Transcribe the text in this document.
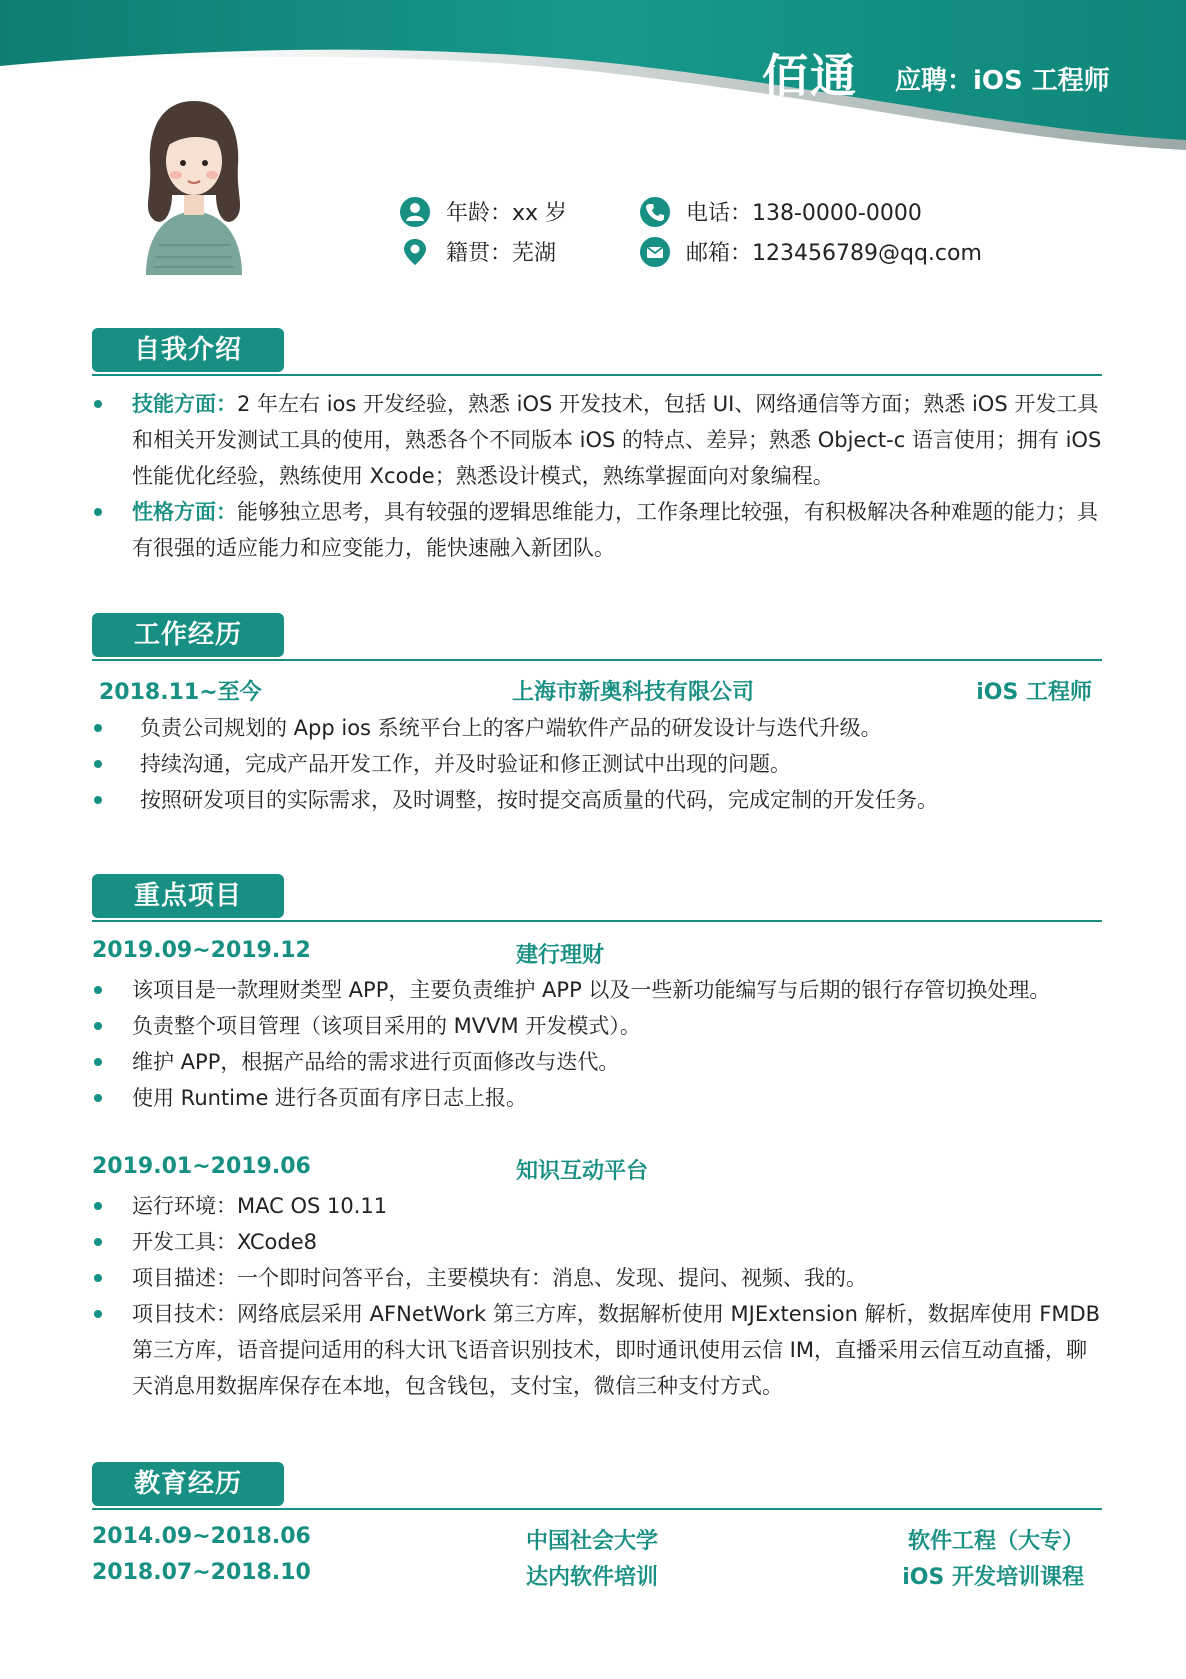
佰通 应聘：iOS 工程师
年龄：xx 岁
籍贯：芜湖
电话：138-0000-0000
邮箱：123456789@qq.com
自我介绍
技能方面：2 年左右 ios 开发经验，熟悉 iOS 开发技术，包括 UI、网络通信等方面；熟悉 iOS 开发工具和相关开发测试工具的使用，熟悉各个不同版本 iOS 的特点、差异；熟悉 Object-c 语言使用；拥有 iOS 性能优化经验，熟练使用 Xcode；熟悉设计模式，熟练掌握面向对象编程。
性格方面：能够独立思考，具有较强的逻辑思维能力，工作条理比较强，有积极解决各种难题的能力；具有很强的适应能力和应变能力，能快速融入新团队。
工作经历
2018.11~至今	上海市新奥科技有限公司	iOS 工程师
负责公司规划的 App ios 系统平台上的客户端软件产品的研发设计与迭代升级。
持续沟通，完成产品开发工作，并及时验证和修正测试中出现的问题。
按照研发项目的实际需求，及时调整，按时提交高质量的代码，完成定制的开发任务。
重点项目
2019.09~2019.12	建行理财
该项目是一款理财类型 APP，主要负责维护 APP 以及一些新功能编写与后期的银行存管切换处理。
负责整个项目管理（该项目采用的 MVVM 开发模式）。
维护 APP，根据产品给的需求进行页面修改与迭代。
使用 Runtime 进行各页面有序日志上报。
2019.01~2019.06	知识互动平台
运行环境：MAC OS 10.11
开发工具：XCode8
项目描述：一个即时问答平台，主要模块有：消息、发现、提问、视频、我的。
项目技术：网络底层采用 AFNetWork 第三方库，数据解析使用 MJExtension 解析，数据库使用 FMDB 第三方库，语音提问适用的科大讯飞语音识别技术，即时通讯使用云信 IM，直播采用云信互动直播，聊天消息用数据库保存在本地，包含钱包，支付宝，微信三种支付方式。
教育经历
2014.09~2018.06	中国社会大学	软件工程（大专）
2018.07~2018.10	达内软件培训	iOS 开发培训课程
